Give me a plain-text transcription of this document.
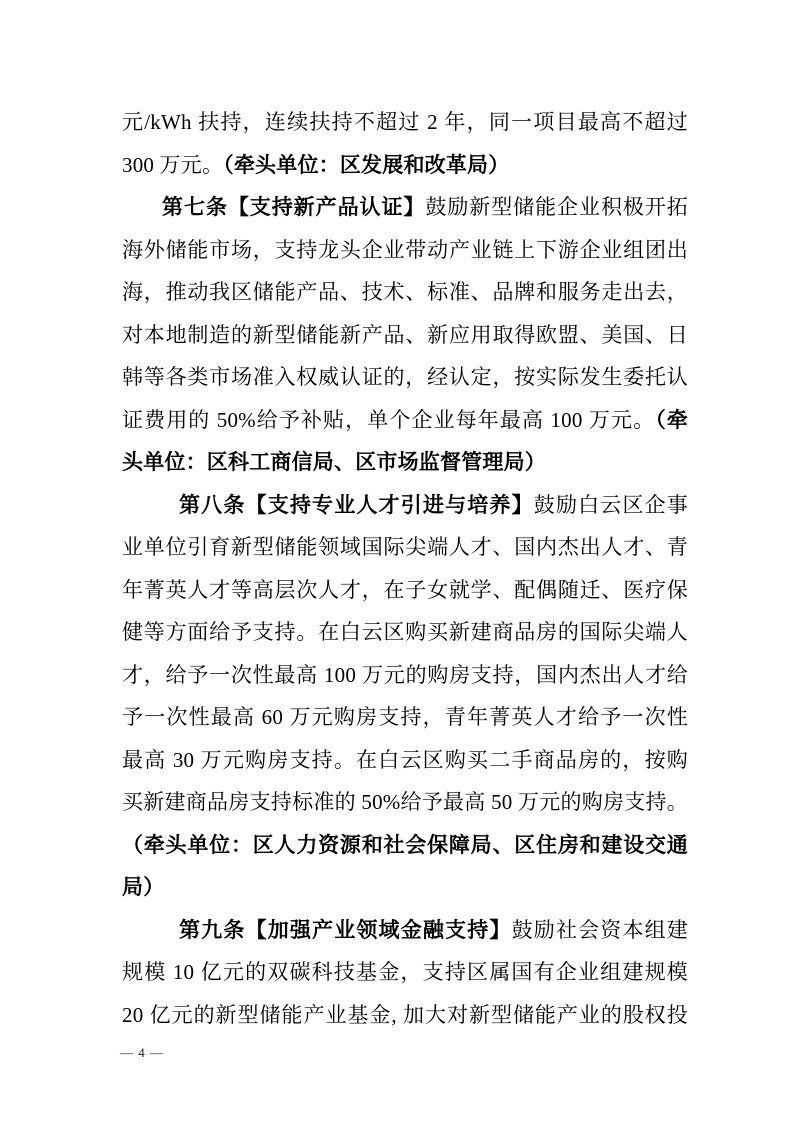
元/kWh 扶持，连续扶持不超过 2 年，同一项目最高不超过
300 万元。（牵头单位：区发展和改革局）
第七条【支持新产品认证】鼓励新型储能企业积极开拓
海外储能市场，支持龙头企业带动产业链上下游企业组团出
海，推动我区储能产品、技术、标准、品牌和服务走出去，
对本地制造的新型储能新产品、新应用取得欧盟、美国、日
韩等各类市场准入权威认证的，经认定，按实际发生委托认
证费用的 50%给予补贴，单个企业每年最高 100 万元。（牵
头单位：区科工商信局、区市场监督管理局）
第八条【支持专业人才引进与培养】鼓励白云区企事
业单位引育新型储能领域国际尖端人才、国内杰出人才、青
年菁英人才等高层次人才，在子女就学、配偶随迁、医疗保
健等方面给予支持。在白云区购买新建商品房的国际尖端人
才，给予一次性最高 100 万元的购房支持，国内杰出人才给
予一次性最高 60 万元购房支持，青年菁英人才给予一次性
最高 30 万元购房支持。在白云区购买二手商品房的，按购
买新建商品房支持标准的 50%给予最高 50 万元的购房支持。
（牵头单位：区人力资源和社会保障局、区住房和建设交通
局）
第九条【加强产业领域金融支持】鼓励社会资本组建
规模 10 亿元的双碳科技基金，支持区属国有企业组建规模
20 亿元的新型储能产业基金, 加大对新型储能产业的股权投
— 4 —
